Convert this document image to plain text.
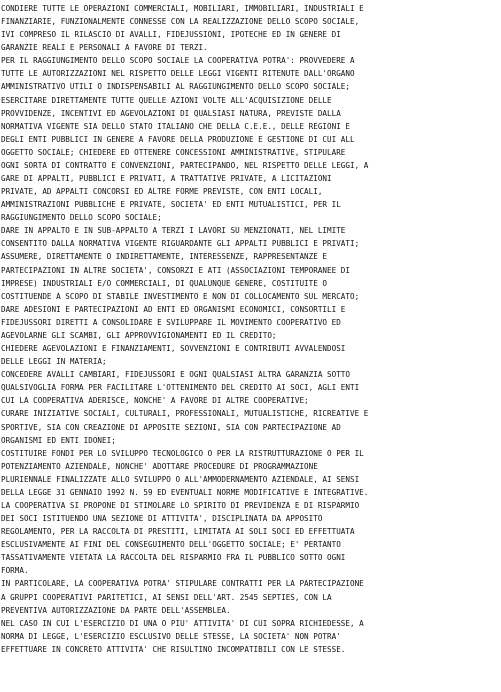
CONDIERE TUTTE LE OPERAZIONI COMMERCIALI, MOBILIARI, IMMOBILIARI, INDUSTRIALI E
FINANZIARIE, FUNZIONALMENTE CONNESSE CON LA REALIZZAZIONE DELLO SCOPO SOCIALE,
IVI COMPRESO IL RILASCIO DI AVALLI, FIDEJUSSIONI, IPOTECHE ED IN GENERE DI
GARANZIE REALI E PERSONALI A FAVORE DI TERZI.
PER IL RAGGIUNGIMENTO DELLO SCOPO SOCIALE LA COOPERATIVA POTRA': PROVVEDERE A
TUTTE LE AUTORIZZAZIONI NEL RISPETTO DELLE LEGGI VIGENTI RITENUTE DALL'ORGANO
AMMINISTRATIVO UTILI O INDISPENSABILI AL RAGGIUNGIMENTO DELLO SCOPO SOCIALE;
ESERCITARE DIRETTAMENTE TUTTE QUELLE AZIONI VOLTE ALL'ACQUISIZIONE DELLE
PROVVIDENZE, INCENTIVI ED AGEVOLAZIONI DI QUALSIASI NATURA, PREVISTE DALLA
NORMATIVA VIGENTE SIA DELLO STATO ITALIANO CHE DELLA C.E.E., DELLE REGIONI E
DEGLI ENTI PUBBLICI IN GENERE A FAVORE DELLA PRODUZIONE E GESTIONE DI CUI ALL
OGGETTO SOCIALE; CHIEDERE ED OTTENERE CONCESSIONI AMMINISTRATIVE, STIPULARE
OGNI SORTA DI CONTRATTO E CONVENZIONI, PARTECIPANDO, NEL RISPETTO DELLE LEGGI, A
GARE DI APPALTI, PUBBLICI E PRIVATI, A TRATTATIVE PRIVATE, A LICITAZIONI
PRIVATE, AD APPALTI CONCORSI ED ALTRE FORME PREVISTE, CON ENTI LOCALI,
AMMINISTRAZIONI PUBBLICHE E PRIVATE, SOCIETA' ED ENTI MUTUALISTICI, PER IL
RAGGIUNGIMENTO DELLO SCOPO SOCIALE;
DARE IN APPALTO E IN SUB-APPALTO A TERZI I LAVORI SU MENZIONATI, NEL LIMITE
CONSENTITO DALLA NORMATIVA VIGENTE RIGUARDANTE GLI APPALTI PUBBLICI E PRIVATI;
ASSUMERE, DIRETTAMENTE O INDIRETTAMENTE, INTERESSENZE, RAPPRESENTANZE E
PARTECIPAZIONI IN ALTRE SOCIETA', CONSORZI E ATI (ASSOCIAZIONI TEMPORANEE DI
IMPRESE) INDUSTRIALI E/O COMMERCIALI, DI QUALUNQUE GENERE, COSTITUITE O
COSTITUENDE A SCOPO DI STABILE INVESTIMENTO E NON DI COLLOCAMENTO SUL MERCATO;
DARE ADESIONI E PARTECIPAZIONI AD ENTI ED ORGANISMI ECONOMICI, CONSORTILI E
FIDEJUSSORI DIRETTI A CONSOLIDARE E SVILUPPARE IL MOVIMENTO COOPERATIVO ED
AGEVOLARNE GLI SCAMBI, GLI APPROVVIGIONAMENTI ED IL CREDITO;
CHIEDERE AGEVOLAZIONI E FINANZIAMENTI, SOVVENZIONI E CONTRIBUTI AVVALENDOSI
DELLE LEGGI IN MATERIA;
CONCEDERE AVALLI CAMBIARI, FIDEJUSSORI E OGNI QUALSIASI ALTRA GARANZIA SOTTO
QUALSIVOGLIA FORMA PER FACILITARE L'OTTENIMENTO DEL CREDITO AI SOCI, AGLI ENTI
CUI LA COOPERATIVA ADERISCE, NONCHE' A FAVORE DI ALTRE COOPERATIVE;
CURARE INIZIATIVE SOCIALI, CULTURALI, PROFESSIONALI, MUTUALISTICHE, RICREATIVE E
SPORTIVE, SIA CON CREAZIONE DI APPOSITE SEZIONI, SIA CON PARTECIPAZIONE AD
ORGANISMI ED ENTI IDONEI;
COSTITUIRE FONDI PER LO SVILUPPO TECNOLOGICO O PER LA RISTRUTTURAZIONE O PER IL
POTENZIAMENTO AZIENDALE, NONCHE' ADOTTARE PROCEDURE DI PROGRAMMAZIONE
PLURIENNALE FINALIZZATE ALLO SVILUPPO O ALL'AMMODERNAMENTO AZIENDALE, AI SENSI
DELLA LEGGE 31 GENNAIO 1992 N. 59 ED EVENTUALI NORME MODIFICATIVE E INTEGRATIVE.
LA COOPERATIVA SI PROPONE DI STIMOLARE LO SPIRITO DI PREVIDENZA E DI RISPARMIO
DEI SOCI ISTITUENDO UNA SEZIONE DI ATTIVITA', DISCIPLINATA DA APPOSITO
REGOLAMENTO, PER LA RACCOLTA DI PRESTITI, LIMITATA AI SOLI SOCI ED EFFETTUATA
ESCLUSIVAMENTE AI FINI DEL CONSEGUIMENTO DELL'OGGETTO SOCIALE; E' PERTANTO
TASSATIVAMENTE VIETATA LA RACCOLTA DEL RISPARMIO FRA IL PUBBLICO SOTTO OGNI
FORMA.
IN PARTICOLARE, LA COOPERATIVA POTRA' STIPULARE CONTRATTI PER LA PARTECIPAZIONE
A GRUPPI COOPERATIVI PARITETICI, AI SENSI DELL'ART. 2545 SEPTIES, CON LA
PREVENTIVA AUTORIZZAZIONE DA PARTE DELL'ASSEMBLEA.
NEL CASO IN CUI L'ESERCIZIO DI UNA O PIU' ATTIVITA' DI CUI SOPRA RICHIEDESSE, A
NORMA DI LEGGE, L'ESERCIZIO ESCLUSIVO DELLE STESSE, LA SOCIETA' NON POTRA'
EFFETTUARE IN CONCRETO ATTIVITA' CHE RISULTINO INCOMPATIBILI CON LE STESSE.
